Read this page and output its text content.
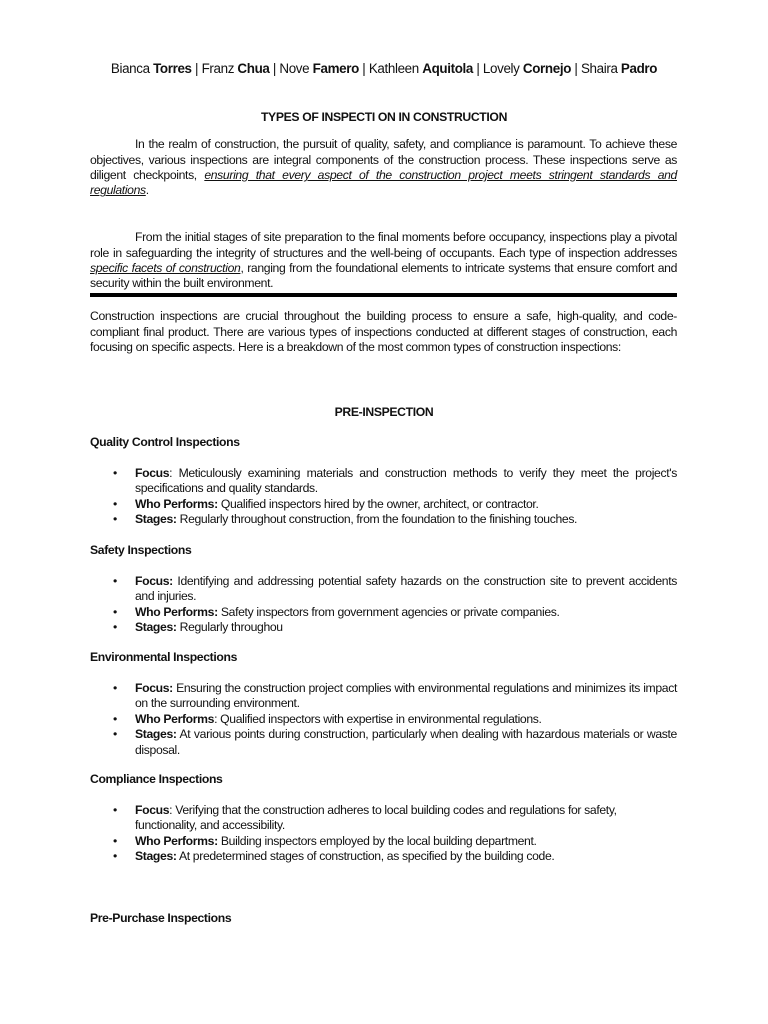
Bianca Torres | Franz Chua | Nove Famero | Kathleen Aquitola | Lovely Cornejo | Shaira Padro
TYPES OF INSPECTI ON IN CONSTRUCTION

In the realm of construction, the pursuit of quality, safety, and compliance is paramount. To achieve these objectives, various inspections are integral components of the construction process. These inspections serve as diligent checkpoints, ensuring that every aspect of the construction project meets stringent standards and regulations.

From the initial stages of site preparation to the final moments before occupancy, inspections play a pivotal role in safeguarding the integrity of structures and the well-being of occupants. Each type of inspection addresses specific facets of construction, ranging from the foundational elements to intricate systems that ensure comfort and security within the built environment.

Construction inspections are crucial throughout the building process to ensure a safe, high-quality, and code-compliant final product. There are various types of inspections conducted at different stages of construction, each focusing on specific aspects. Here is a breakdown of the most common types of construction inspections:

PRE-INSPECTION
Quality Control Inspections
• Focus: Meticulously examining materials and construction methods to verify they meet the project's specifications and quality standards.
• Who Performs: Qualified inspectors hired by the owner, architect, or contractor.
• Stages: Regularly throughout construction, from the foundation to the finishing touches.
Safety Inspections
• Focus: Identifying and addressing potential safety hazards on the construction site to prevent accidents and injuries.
• Who Performs: Safety inspectors from government agencies or private companies.
• Stages: Regularly throughou
Environmental Inspections
• Focus: Ensuring the construction project complies with environmental regulations and minimizes its impact on the surrounding environment.
• Who Performs: Qualified inspectors with expertise in environmental regulations.
• Stages: At various points during construction, particularly when dealing with hazardous materials or waste disposal.
Compliance Inspections
• Focus: Verifying that the construction adheres to local building codes and regulations for safety, functionality, and accessibility.
• Who Performs: Building inspectors employed by the local building department.
• Stages: At predetermined stages of construction, as specified by the building code.
Pre-Purchase Inspections
